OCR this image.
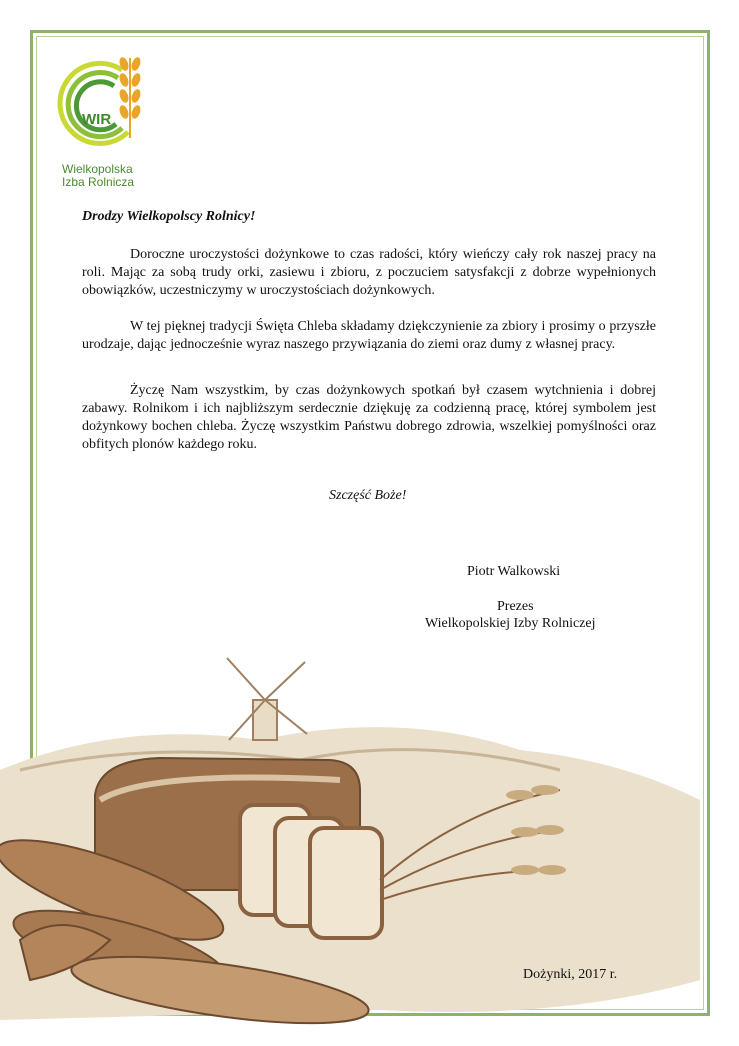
WIR
Wielkopolska
Izba Rolnicza
Drodzy Wielkopolscy Rolnicy!

Doroczne uroczystości dożynkowe to czas radości, który wieńczy cały rok naszej pracy na roli. Mając za sobą trudy orki, zasiewu i zbioru, z poczuciem satysfakcji z dobrze wypełnionych obowiązków, uczestniczymy w uroczystościach dożynkowych.

W tej pięknej tradycji Święta Chleba składamy dziękczynienie za zbiory i prosimy o przyszłe urodzaje, dając jednocześnie wyraz naszego przywiązania do ziemi oraz dumy z własnej pracy.

Życzę Nam wszystkim, by czas dożynkowych spotkań był czasem wytchnienia i dobrej zabawy. Rolnikom i ich najbliższym serdecznie dziękuję za codzienną pracę, której symbolem jest dożynkowy bochen chleba. Życzę wszystkim Państwu dobrego zdrowia, wszelkiej pomyślności oraz obfitych plonów każdego roku.

Szczęść Boże!
Piotr Walkowski
Prezes
Wielkopolskiej Izby Rolniczej
Dożynki, 2017 r.
